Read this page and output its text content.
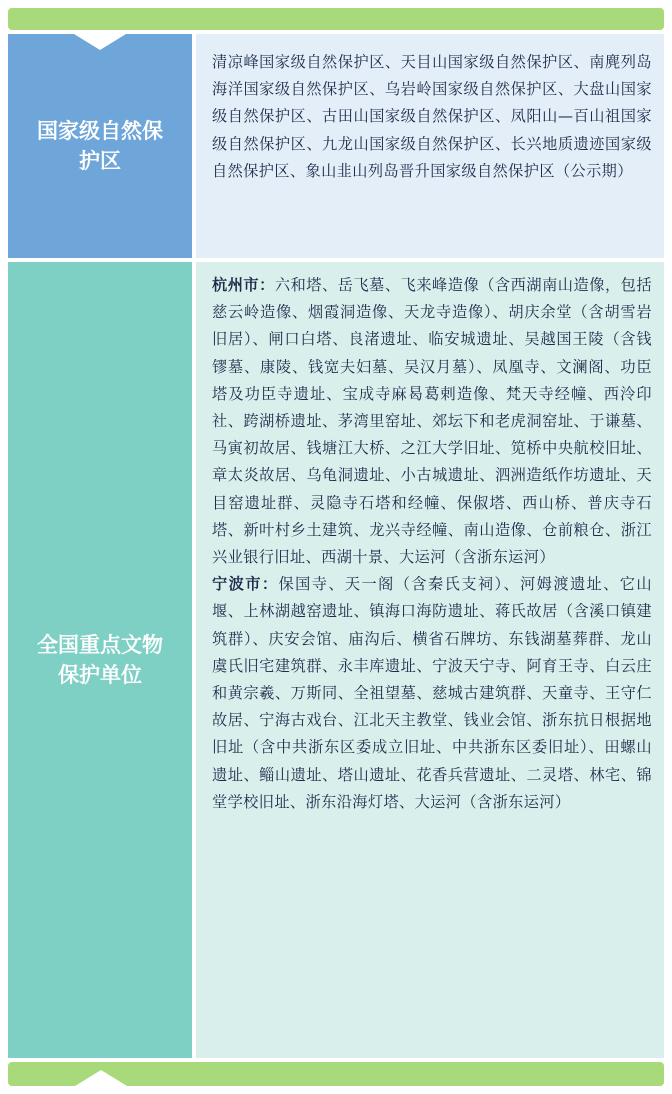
国家级自然保
护区

清凉峰国家级自然保护区、天目山国家级自然保护区、南麂列岛海洋国家级自然保护区、乌岩岭国家级自然保护区、大盘山国家级自然保护区、古田山国家级自然保护区、凤阳山—百山祖国家级自然保护区、九龙山国家级自然保护区、长兴地质遗迹国家级自然保护区、象山韭山列岛晋升国家级自然保护区（公示期）

全国重点文物
保护单位

杭州市：六和塔、岳飞墓、飞来峰造像（含西湖南山造像，包括慈云岭造像、烟霞洞造像、天龙寺造像）、胡庆余堂（含胡雪岩旧居）、闸口白塔、良渚遗址、临安城遗址、吴越国王陵（含钱镠墓、康陵、钱宽夫妇墓、吴汉月墓）、凤凰寺、文澜阁、功臣塔及功臣寺遗址、宝成寺麻曷葛剌造像、梵天寺经幢、西泠印社、跨湖桥遗址、茅湾里窑址、郊坛下和老虎洞窑址、于谦墓、马寅初故居、钱塘江大桥、之江大学旧址、笕桥中央航校旧址、章太炎故居、乌龟洞遗址、小古城遗址、泗洲造纸作坊遗址、天目窑遗址群、灵隐寺石塔和经幢、保俶塔、西山桥、普庆寺石塔、新叶村乡土建筑、龙兴寺经幢、南山造像、仓前粮仓、浙江兴业银行旧址、西湖十景、大运河（含浙东运河）

宁波市：保国寺、天一阁（含秦氏支祠）、河姆渡遗址、它山堰、上林湖越窑遗址、镇海口海防遗址、蒋氏故居（含溪口镇建筑群）、庆安会馆、庙沟后、横省石牌坊、东钱湖墓葬群、龙山虞氏旧宅建筑群、永丰库遗址、宁波天宁寺、阿育王寺、白云庄和黄宗羲、万斯同、全祖望墓、慈城古建筑群、天童寺、王守仁故居、宁海古戏台、江北天主教堂、钱业会馆、浙东抗日根据地旧址（含中共浙东区委成立旧址、中共浙东区委旧址）、田螺山遗址、鲻山遗址、塔山遗址、花香兵营遗址、二灵塔、林宅、锦堂学校旧址、浙东沿海灯塔、大运河（含浙东运河）
